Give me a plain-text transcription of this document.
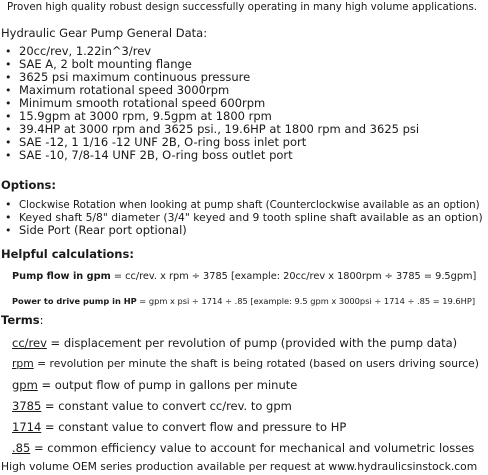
Proven high quality robust design successfully operating in many high volume applications.
Hydraulic Gear Pump General Data:
• 20cc/rev, 1.22in^3/rev
• SAE A, 2 bolt mounting flange
• 3625 psi maximum continuous pressure
• Maximum rotational speed 3000rpm
• Minimum smooth rotational speed 600rpm
• 15.9gpm at 3000 rpm, 9.5gpm at 1800 rpm
• 39.4HP at 3000 rpm and 3625 psi., 19.6HP at 1800 rpm and 3625 psi
• SAE -12, 1 1/16 -12 UNF 2B, O-ring boss inlet port
• SAE -10, 7/8-14 UNF 2B, O-ring boss outlet port
Options:
• Clockwise Rotation when looking at pump shaft (Counterclockwise available as an option)
• Keyed shaft 5/8" diameter (3/4" keyed and 9 tooth spline shaft available as an option)
• Side Port (Rear port optional)
Helpful calculations:
Pump flow in gpm = cc/rev. x rpm ÷ 3785 [example: 20cc/rev x 1800rpm ÷ 3785 = 9.5gpm]
Power to drive pump in HP = gpm x psi ÷ 1714 ÷ .85 [example: 9.5 gpm x 3000psi ÷ 1714 ÷ .85 = 19.6HP]
Terms:
cc/rev = displacement per revolution of pump (provided with the pump data)
rpm = revolution per minute the shaft is being rotated (based on users driving source)
gpm = output flow of pump in gallons per minute
3785 = constant value to convert cc/rev. to gpm
1714 = constant value to convert flow and pressure to HP
.85 = common efficiency value to account for mechanical and volumetric losses
High volume OEM series production available per request at www.hydraulicsinstock.com
